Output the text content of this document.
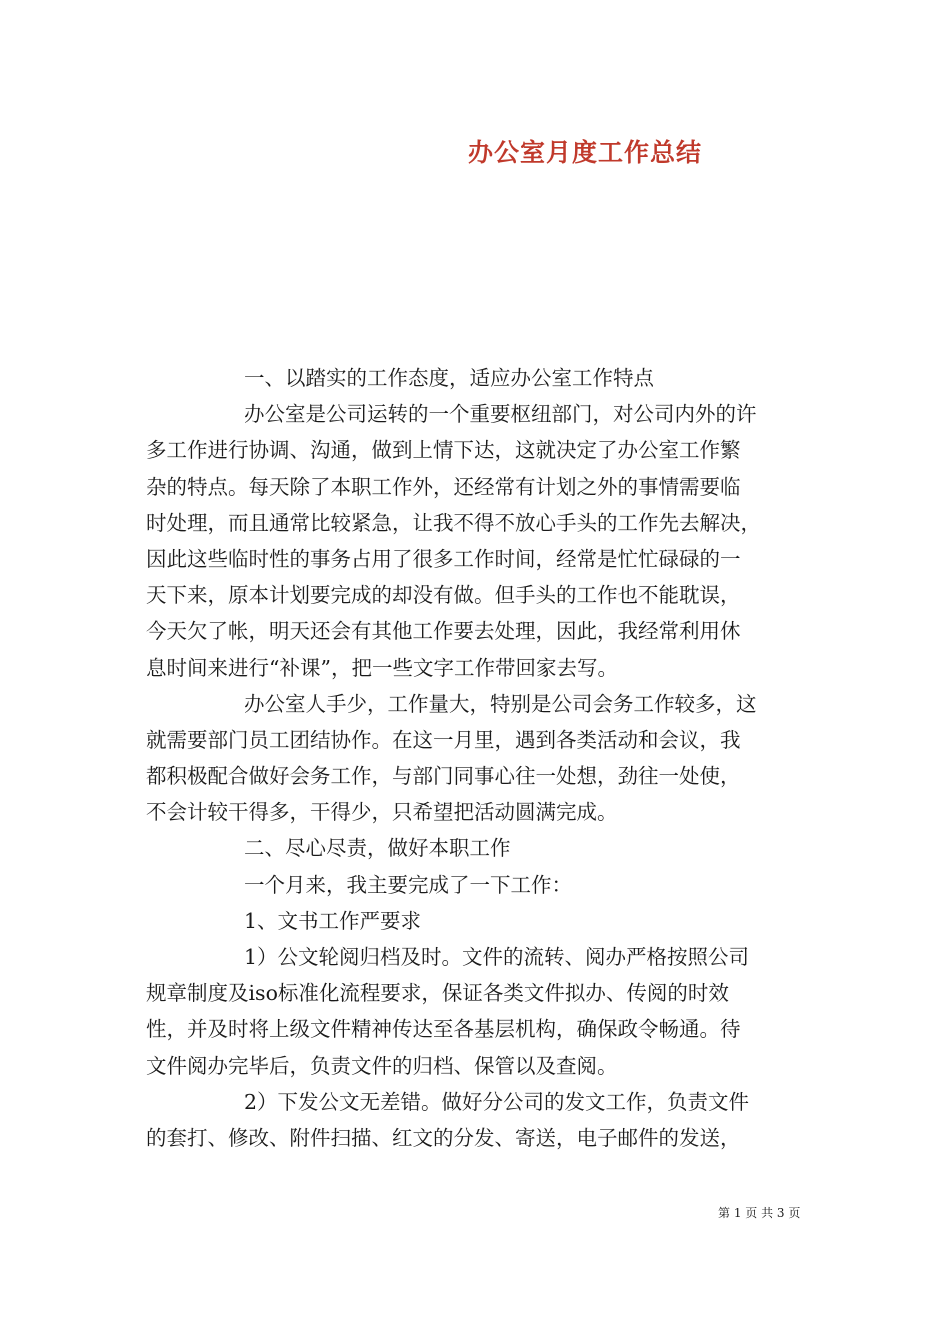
办公室月度工作总结
一、以踏实的工作态度，适应办公室工作特点
办公室是公司运转的一个重要枢纽部门，对公司内外的许
多工作进行协调、沟通，做到上情下达，这就决定了办公室工作繁
杂的特点。每天除了本职工作外，还经常有计划之外的事情需要临
时处理，而且通常比较紧急，让我不得不放心手头的工作先去解决，
因此这些临时性的事务占用了很多工作时间，经常是忙忙碌碌的一
天下来，原本计划要完成的却没有做。但手头的工作也不能耽误，
今天欠了帐，明天还会有其他工作要去处理，因此，我经常利用休
息时间来进行“补课”，把一些文字工作带回家去写。
办公室人手少，工作量大，特别是公司会务工作较多，这
就需要部门员工团结协作。在这一月里，遇到各类活动和会议，我
都积极配合做好会务工作，与部门同事心往一处想，劲往一处使，
不会计较干得多，干得少，只希望把活动圆满完成。
二、尽心尽责，做好本职工作
一个月来，我主要完成了一下工作：
1、文书工作严要求
1）公文轮阅归档及时。文件的流转、阅办严格按照公司
规章制度及iso标准化流程要求，保证各类文件拟办、传阅的时效
性，并及时将上级文件精神传达至各基层机构，确保政令畅通。待
文件阅办完毕后，负责文件的归档、保管以及查阅。
2）下发公文无差错。做好分公司的发文工作，负责文件
的套打、修改、附件扫描、红文的分发、寄送，电子邮件的发送，
第 1 页 共 3 页
